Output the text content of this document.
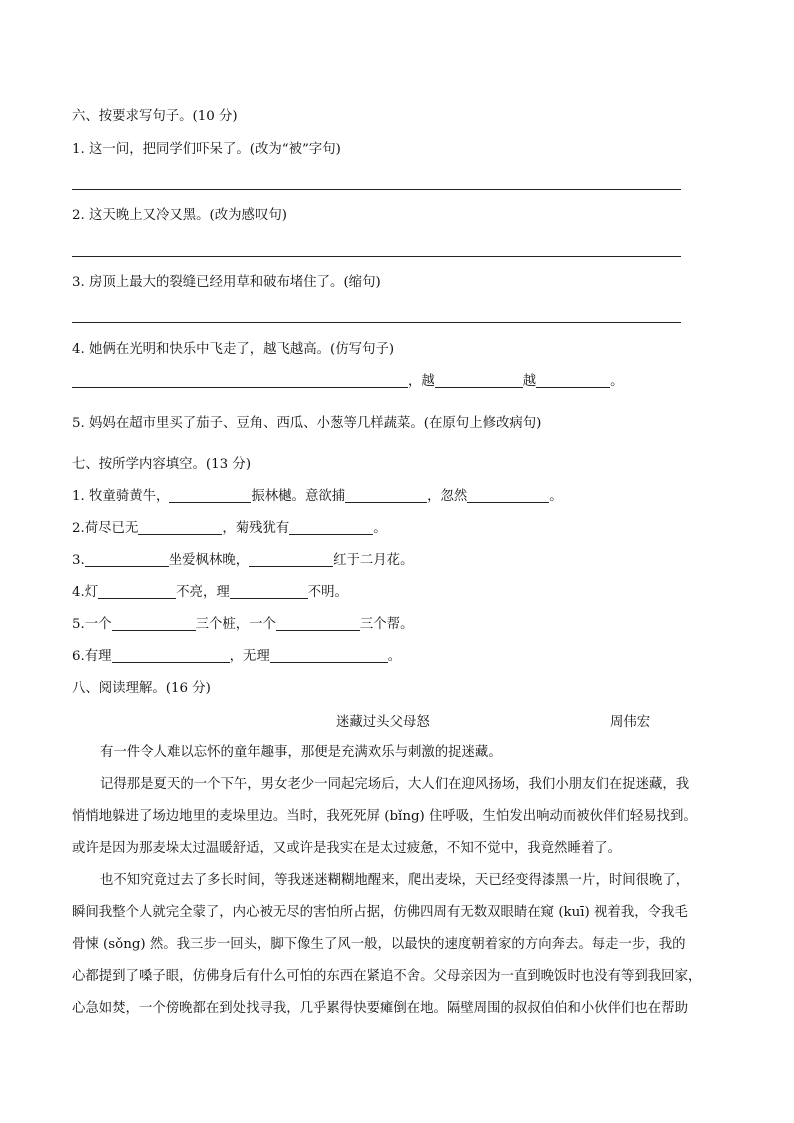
六、按要求写句子。(10 分)
1. 这一问，把同学们吓呆了。(改为“被”字句)
2. 这天晚上又冷又黑。(改为感叹句)
3. 房顶上最大的裂缝已经用草和破布堵住了。(缩句)
4. 她俩在光明和快乐中飞走了，越飞越高。(仿写句子)
，越	越	。
5. 妈妈在超市里买了茄子、豆角、西瓜、小葱等几样蔬菜。(在原句上修改病句)
七、按所学内容填空。(13 分)
1. 牧童骑黄牛，	振林樾。意欲捕	，忽然	。
2.荷尽已无	，菊残犹有	。
3.	坐爱枫林晚，	红于二月花。
4.灯	不亮，理	不明。
5.一个	三个桩，一个	三个帮。
6.有理	，无理	。
八、阅读理解。(16 分)
迷藏过头父母怒	周伟宏
有一件令人难以忘怀的童年趣事，那便是充满欢乐与刺激的捉迷藏。
记得那是夏天的一个下午，男女老少一同起完场后，大人们在迎风扬场，我们小朋友们在捉迷藏，我
悄悄地躲进了场边地里的麦垛里边。当时，我死死屏 (bǐng) 住呼吸，生怕发出响动而被伙伴们轻易找到。
或许是因为那麦垛太过温暖舒适，又或许是我实在是太过疲惫，不知不觉中，我竟然睡着了。
也不知究竟过去了多长时间，等我迷迷糊糊地醒来，爬出麦垛，天已经变得漆黑一片，时间很晚了，
瞬间我整个人就完全蒙了，内心被无尽的害怕所占据，仿佛四周有无数双眼睛在窥 (kuī) 视着我，令我毛
骨悚 (sǒng) 然。我三步一回头，脚下像生了风一般，以最快的速度朝着家的方向奔去。每走一步，我的
心都提到了嗓子眼，仿佛身后有什么可怕的东西在紧追不舍。父母亲因为一直到晚饭时也没有等到我回家，
心急如焚，一个傍晚都在到处找寻我，几乎累得快要瘫倒在地。隔壁周围的叔叔伯伯和小伙伴们也在帮助
